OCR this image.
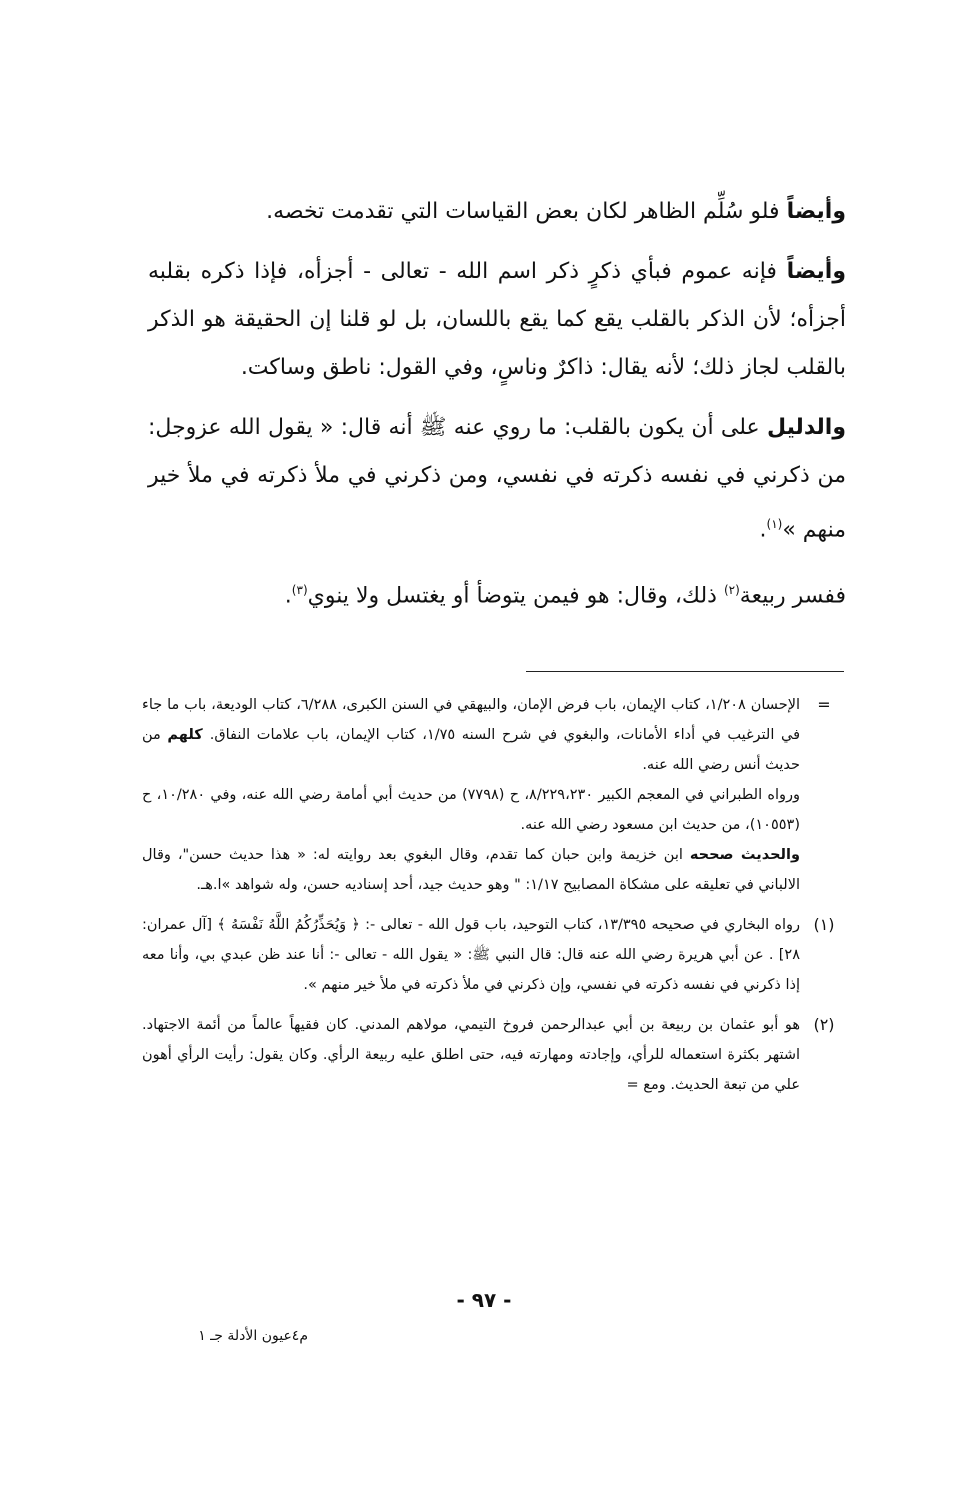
وأيضاً فلو سُلِّم الظاهر لكان بعض القياسات التي تقدمت تخصه.

وأيضاً فإنه عموم فبأي ذكرٍ ذكر اسم الله - تعالى - أجزأه، فإذا ذكره بقلبه أجزأه؛ لأن الذكر بالقلب يقع كما يقع باللسان، بل لو قلنا إن الحقيقة هو الذكر بالقلب لجاز ذلك؛ لأنه يقال: ذاكرٌ وناسٍ، وفي القول: ناطق وساكت.

والدليل على أن يكون بالقلب: ما روي عنه ﷺ أنه قال: « يقول الله عزوجل: من ذكرني في نفسه ذكرته في نفسي، ومن ذكرني في ملأ ذكرته في ملأ خير منهم »$^{(١)}$.

ففسر ربيعة$^{(٢)}$ ذلك، وقال: هو فيمن يتوضأ أو يغتسل ولا ينوي$^{(٣)}$.

=
الإحسان ١/٢٠٨، كتاب الإيمان، باب فرض الإمان، والبيهقي في السنن الكبرى، ٦/٢٨٨، كتاب الوديعة، باب ما جاء في الترغيب في أداء الأمانات، والبغوي في شرح السنه ١/٧٥، كتاب الإيمان، باب علامات النفاق. كلهم من حديث أنس رضي الله عنه.
ورواه الطبراني في المعجم الكبير ٨/٢٢٩،٢٣٠، ح (٧٧٩٨) من حديث أبي أمامة رضي الله عنه، وفي ١٠/٢٨٠، ح (١٠٥٥٣)، من حديث ابن مسعود رضي الله عنه.
والحديث صححه ابن خزيمة وابن حبان كما تقدم، وقال البغوي بعد روايته له: « هذا حديث حسن"، وقال الالباني في تعليقه على مشكاة المصابيح ١/١٧: " وهو حديث جيد، أحد إسناديه حسن، وله شواهد »ا.هـ.
(١)
رواه البخاري في صحيحه ١٣/٣٩٥، كتاب التوحيد، باب قول الله - تعالى -: ﴿ وَيُحَذِّرُكُمُ اللَّهُ نَفْسَهُ ﴾ [آل عمران: ٢٨] . عن أبي هريرة رضي الله عنه قال: قال النبي ﷺ: « يقول الله - تعالى -: أنا عند ظن عبدي بي، وأنا معه إذا ذكرني في نفسه ذكرته في نفسي، وإن ذكرني في ملأ ذكرته في ملأ خير منهم ».
(٢)
هو أبو عثمان بن ربيعة بن أبي عبدالرحمن فروخ التيمي، مولاهم المدني. كان فقيهاً عالماً من أئمة الاجتهاد. اشتهر بكثرة استعماله للرأي، وإجادته ومهارته فيه، حتى اطلق عليه ربيعة الرأي. وكان يقول: رأيت الرأي أهون علي من تبعة الحديث. ومع =
- ٩٧ -
م٤عيون الأدلة جـ ١
